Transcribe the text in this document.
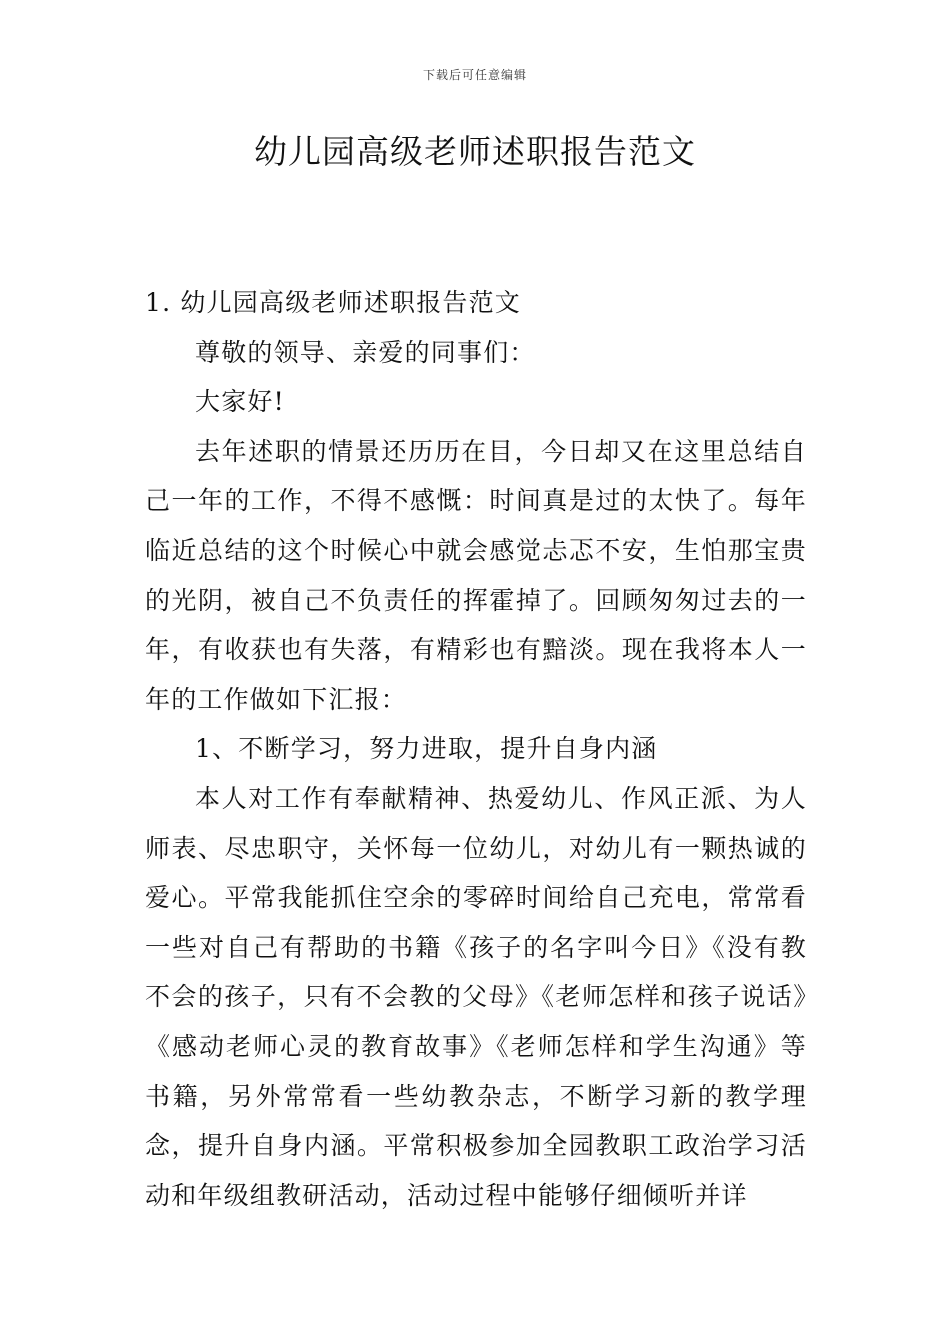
下载后可任意编辑
幼儿园高级老师述职报告范文

1. 幼儿园高级老师述职报告范文

尊敬的领导、亲爱的同事们：

大家好!

去年述职的情景还历历在目，今日却又在这里总结自己一年的工作，不得不感慨：时间真是过的太快了。每年临近总结的这个时候心中就会感觉忐忑不安，生怕那宝贵的光阴，被自己不负责任的挥霍掉了。回顾匆匆过去的一年，有收获也有失落，有精彩也有黯淡。现在我将本人一年的工作做如下汇报：

1、不断学习，努力进取，提升自身内涵

本人对工作有奉献精神、热爱幼儿、作风正派、为人师表、尽忠职守，关怀每一位幼儿，对幼儿有一颗热诚的爱心。平常我能抓住空余的零碎时间给自己充电，常常看一些对自己有帮助的书籍《孩子的名字叫今日》《没有教不会的孩子，只有不会教的父母》《老师怎样和孩子说话》《感动老师心灵的教育故事》《老师怎样和学生沟通》等书籍，另外常常看一些幼教杂志，不断学习新的教学理念，提升自身内涵。平常积极参加全园教职工政治学习活动和年级组教研活动，活动过程中能够仔细倾听并详
